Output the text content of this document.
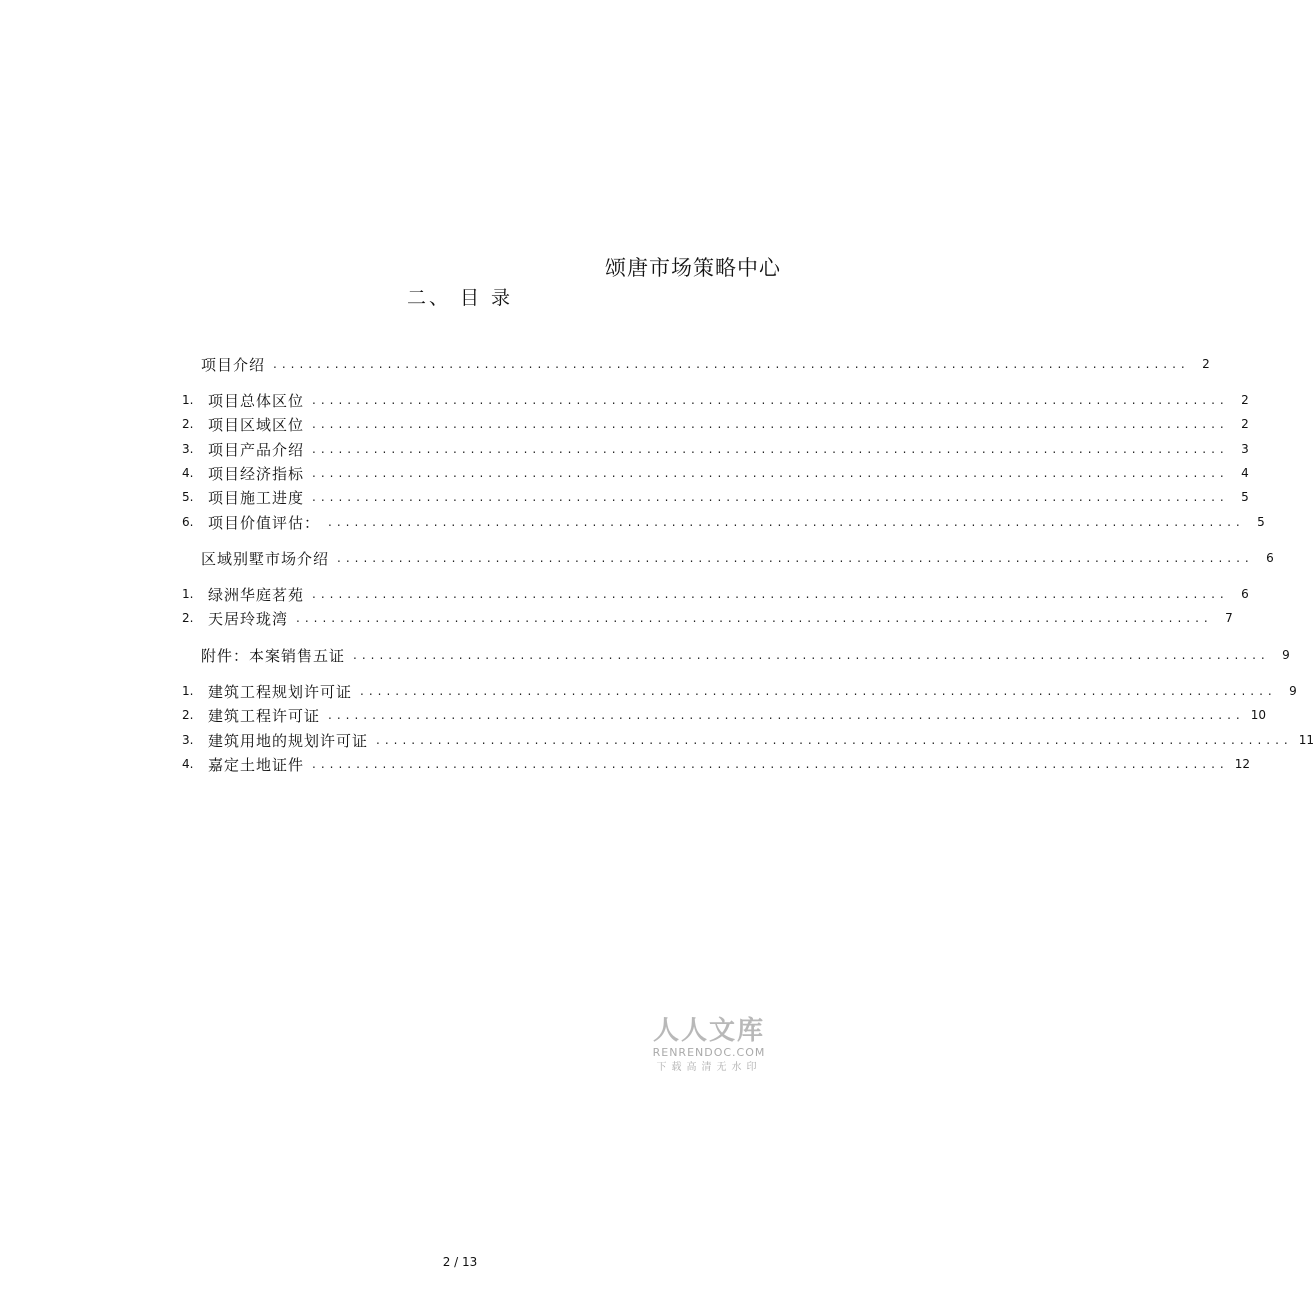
颂唐市场策略中心
二、 目 录
项目介绍 ........................................................................................................	2
1. 项目总体区位 ........................................................................................................	2
2. 项目区域区位 ........................................................................................................	2
3. 项目产品介绍 ........................................................................................................	3
4. 项目经济指标 ........................................................................................................	4
5. 项目施工进度 ........................................................................................................	5
6. 项目价值评估： ........................................................................................................	5
区域别墅市场介绍 ........................................................................................................	6
1. 绿洲华庭茗苑 ........................................................................................................	6
2. 天居玲珑湾 ........................................................................................................	7
附件：本案销售五证 ........................................................................................................	9
1. 建筑工程规划许可证 ........................................................................................................	9
2. 建筑工程许可证 ........................................................................................................ 10
3. 建筑用地的规划许可证 ........................................................................................................ 11
4. 嘉定土地证件 ........................................................................................................ 12
人人文库
RENRENDOC.COM
下载高清无水印
2 / 13
